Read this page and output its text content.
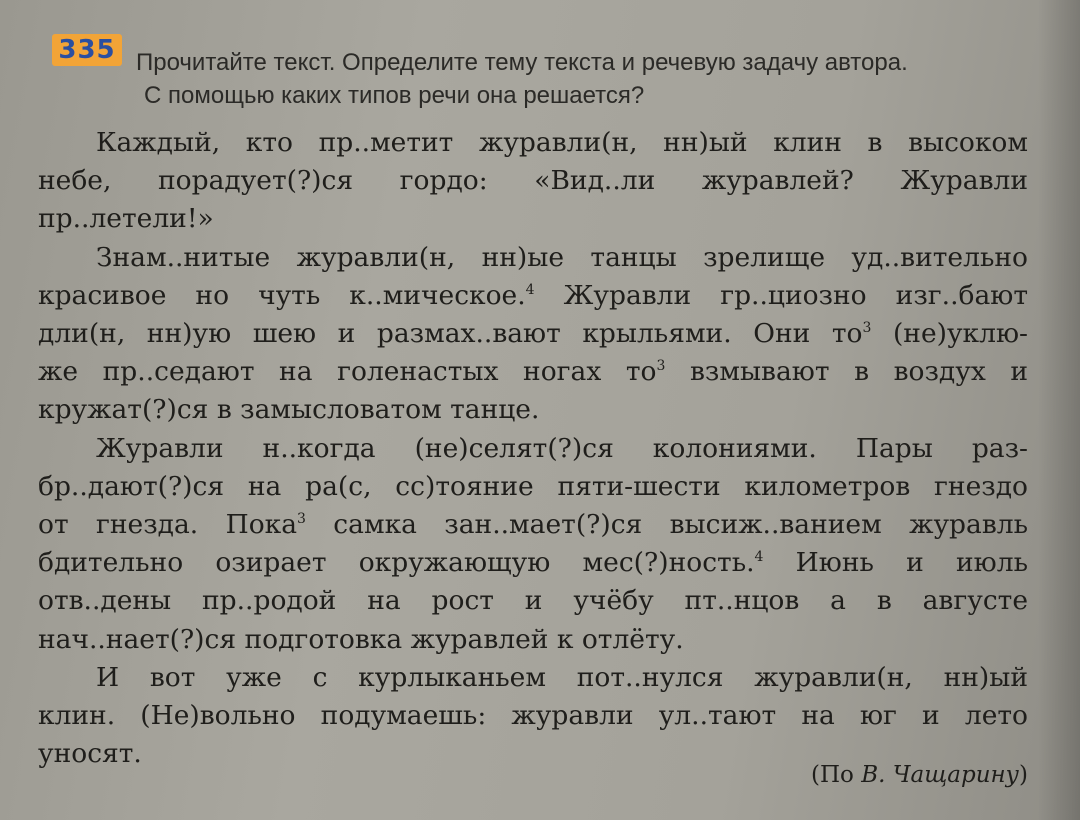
335 Прочитайте текст. Определите тему текста и речевую задачу автора.
С помощью каких типов речи она решается?

Каждый, кто пр..метит журавли(н, нн)ый клин в высоком
небе, порадует(?)ся гордо: «Вид..ли журавлей? Журавли
пр..летели!»

Знам..нитые журавли(н, нн)ые танцы зрелище уд..вительно
красивое но чуть к..мическое.$^4$ Журавли гр..циозно изг..бают
дли(н, нн)ую шею и размах..вают крыльями. Они $то^3$ (не)уклю-
же пр..седают на голенастых ногах $то^3$ взмывают в воздух и
кружат(?)ся в замысловатом танце.

Журавли н..когда (не)селят(?)ся колониями. Пары раз-
бр..дают(?)ся на ра(с, сс)тояние пяти-шести километров гнездо
от гнезда. Пока$^3$ самка зан..мает(?)ся высиж..ванием журавль
бдительно озирает окружающую мес(?)ность.$^4$ Июнь и июль
отв..дены пр..родой на рост и учёбу пт..нцов а в августе
нач..нает(?)ся подготовка журавлей к отлёту.

И вот уже с курлыканьем пот..нулся журавли(н, нн)ый
клин. (Не)вольно подумаешь: журавли ул..тают на юг и лето
уносят.

(По В. Чащарину)
